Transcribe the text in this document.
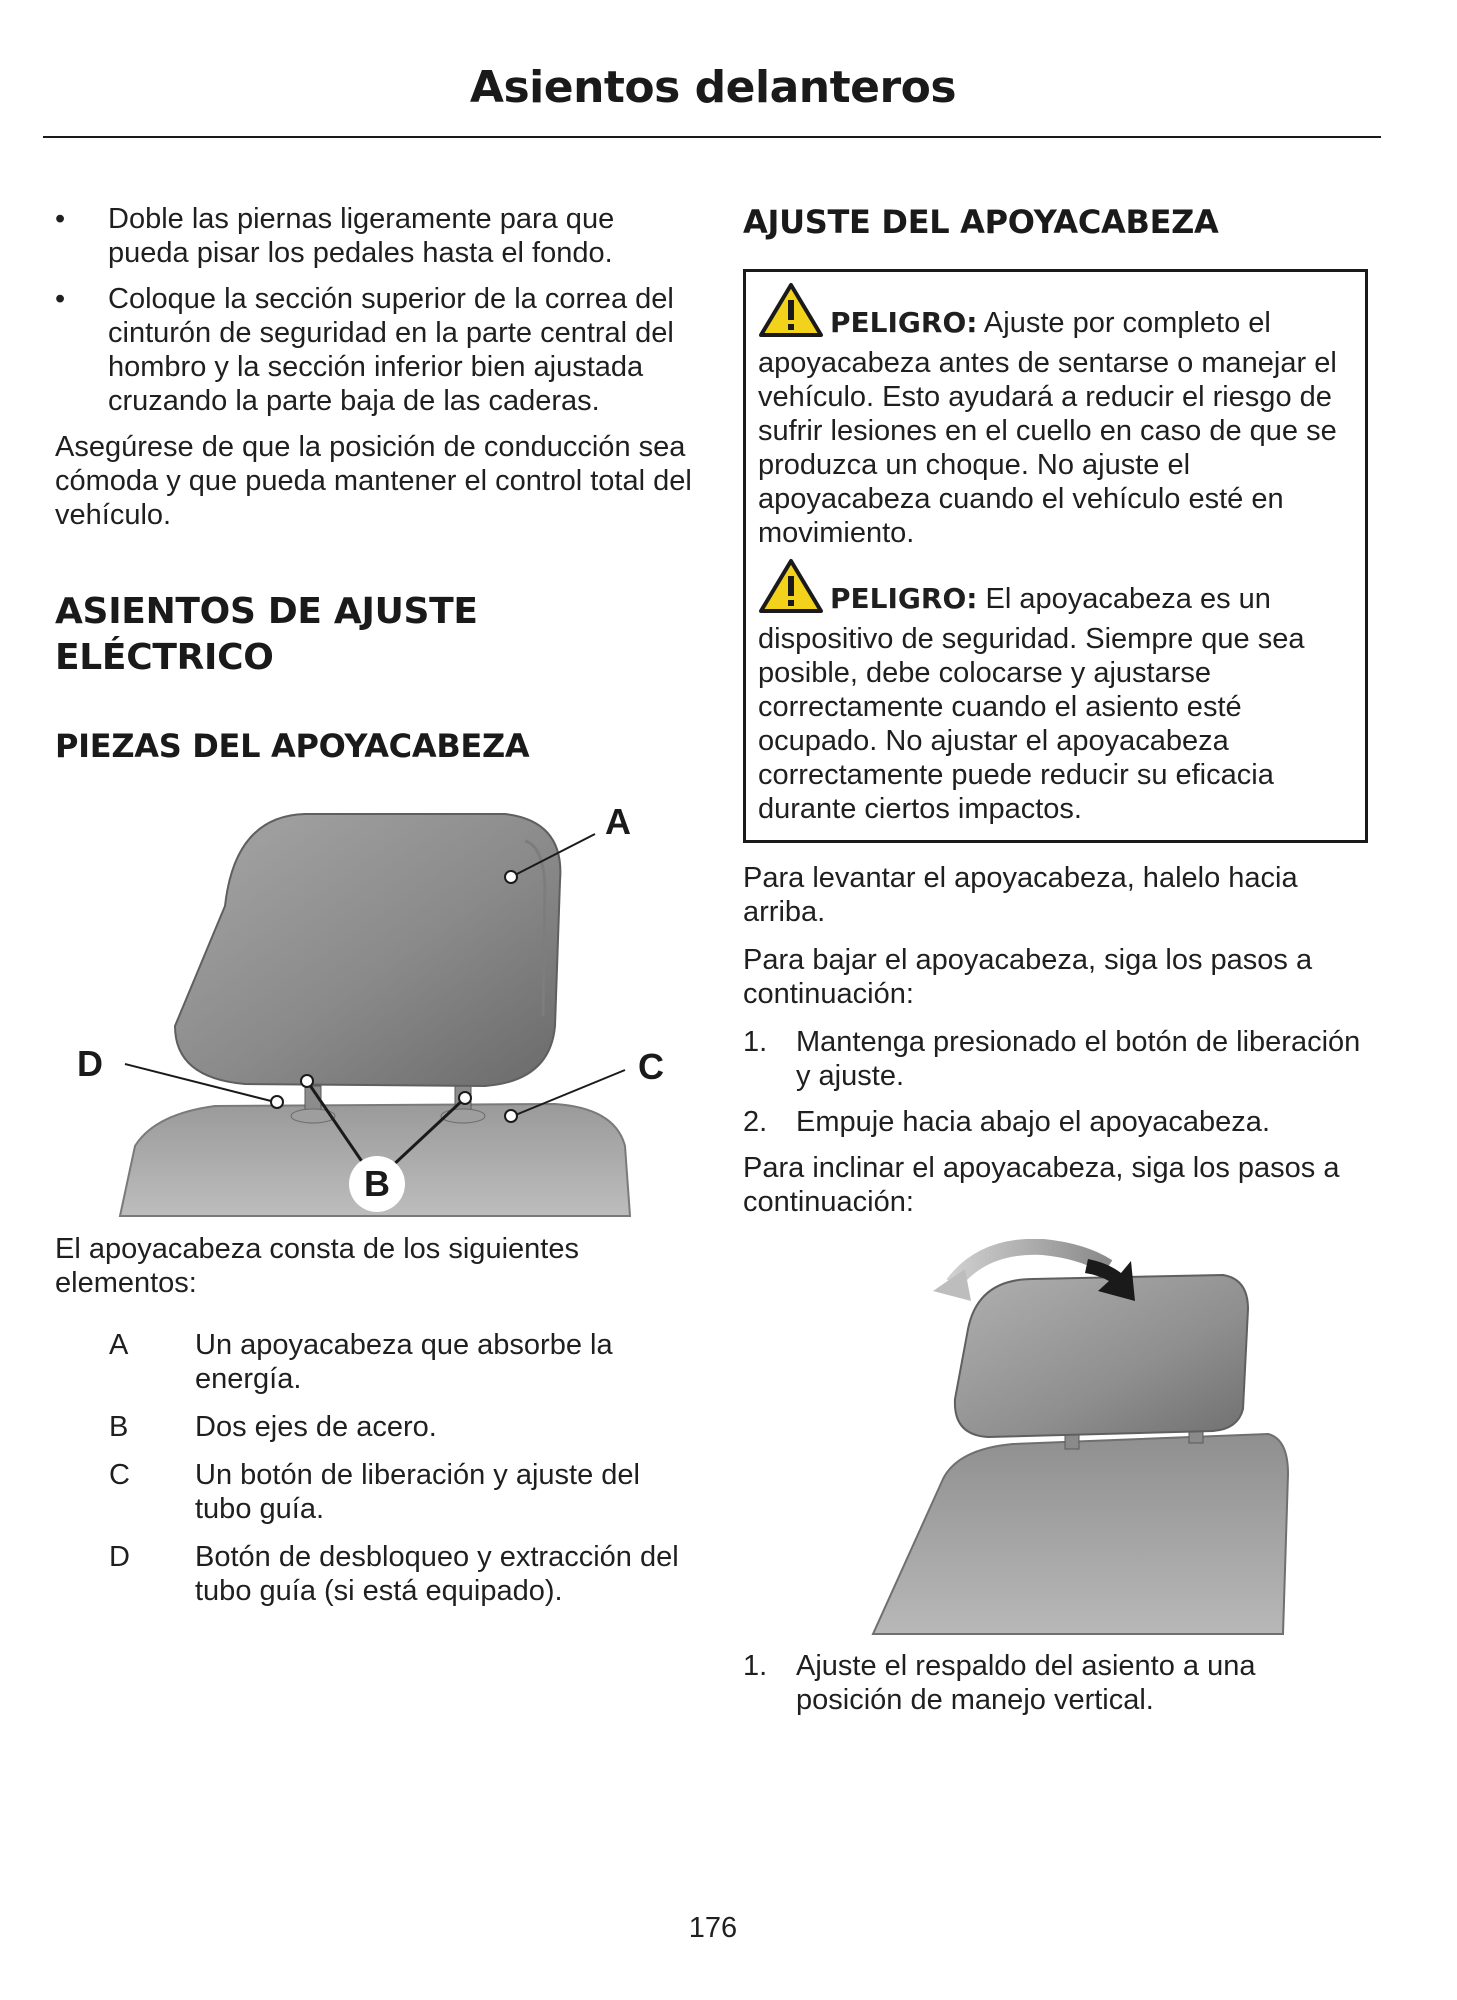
Asientos delanteros
• Doble las piernas ligeramente para que pueda pisar los pedales hasta el fondo.
• Coloque la sección superior de la correa del cinturón de seguridad en la parte central del hombro y la sección inferior bien ajustada cruzando la parte baja de las caderas.

Asegúrese de que la posición de conducción sea cómoda y que pueda mantener el control total del vehículo.

ASIENTOS DE AJUSTE ELÉCTRICO
PIEZAS DEL APOYACABEZA
A
D	C
B

El apoyacabeza consta de los siguientes elementos:

A	Un apoyacabeza que absorbe la energía.
B	Dos ejes de acero.
C	Un botón de liberación y ajuste del tubo guía.
D	Botón de desbloqueo y extracción del tubo guía (si está equipado).
AJUSTE DEL APOYACABEZA

PELIGRO: Ajuste por completo el apoyacabeza antes de sentarse o manejar el vehículo. Esto ayudará a reducir el riesgo de sufrir lesiones en el cuello en caso de que se produzca un choque. No ajuste el apoyacabeza cuando el vehículo esté en movimiento.

PELIGRO: El apoyacabeza es un dispositivo de seguridad. Siempre que sea posible, debe colocarse y ajustarse correctamente cuando el asiento esté ocupado. No ajustar el apoyacabeza correctamente puede reducir su eficacia durante ciertos impactos.

Para levantar el apoyacabeza, halelo hacia arriba.

Para bajar el apoyacabeza, siga los pasos a continuación:

1. Mantenga presionado el botón de liberación y ajuste.
2. Empuje hacia abajo el apoyacabeza.

Para inclinar el apoyacabeza, siga los pasos a continuación:

1. Ajuste el respaldo del asiento a una posición de manejo vertical.
176
